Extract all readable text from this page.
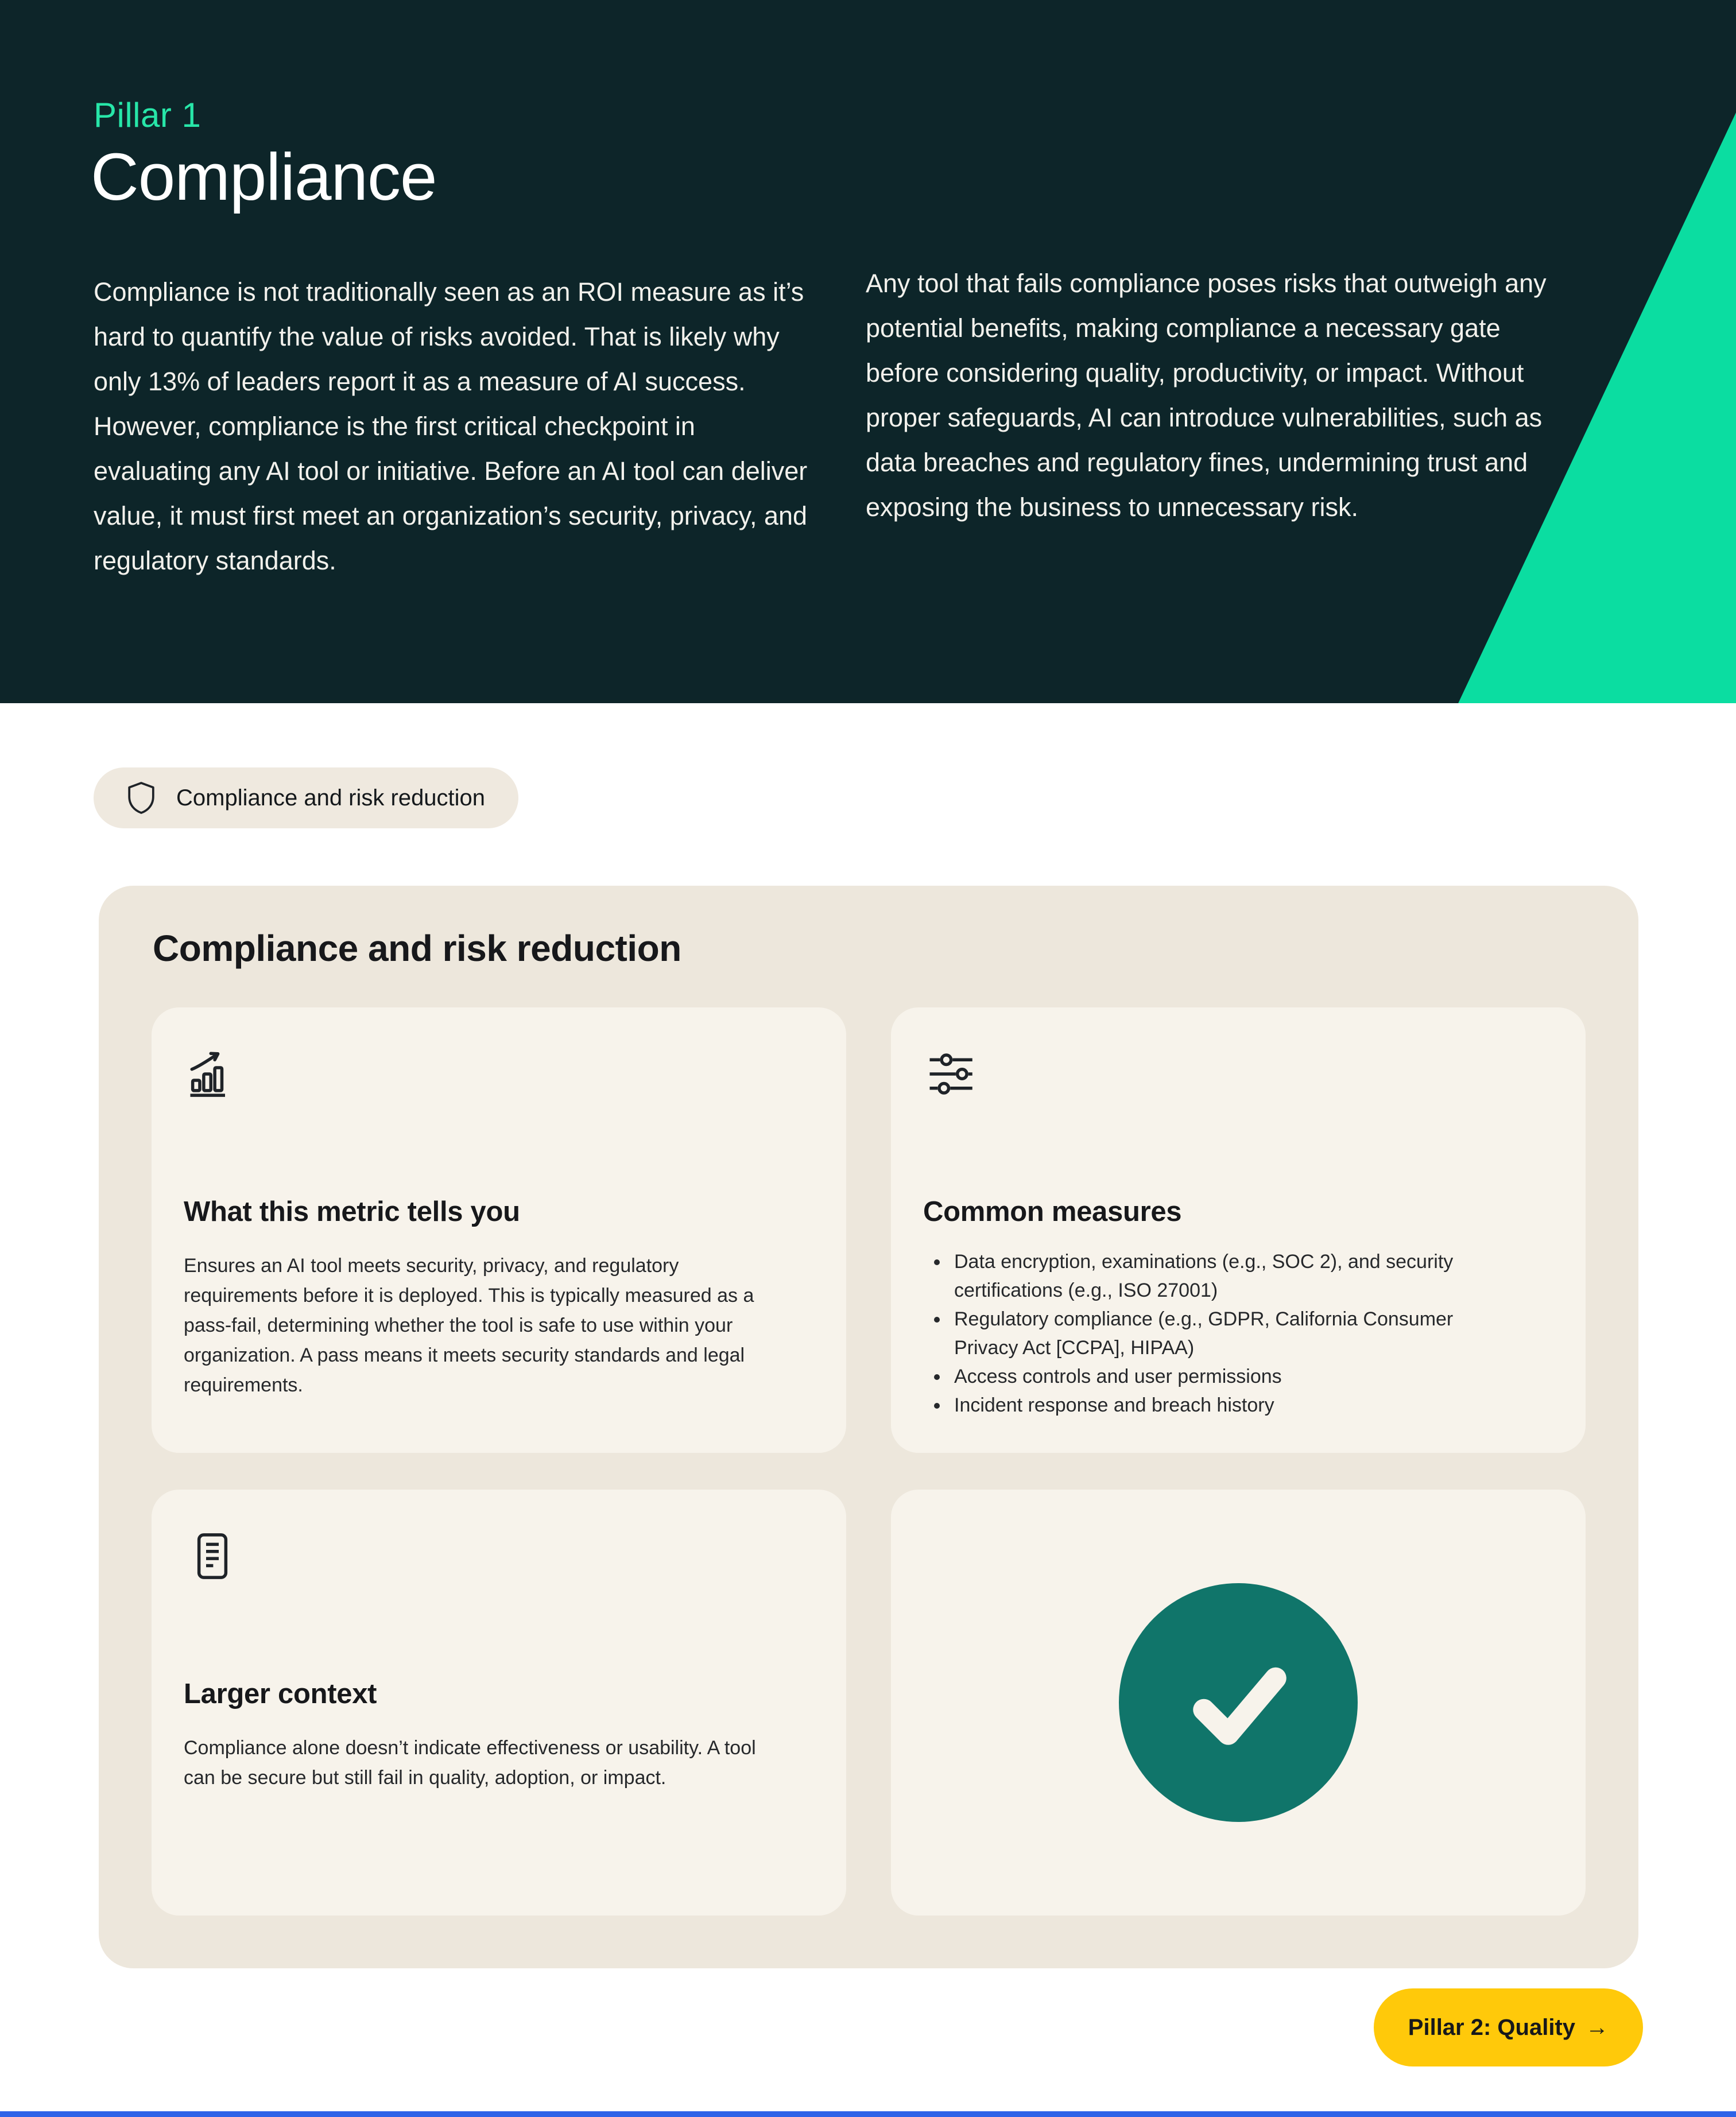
Pillar 1
Compliance

Compliance is not traditionally seen as an ROI measure as it’s hard to quantify the value of risks avoided. That is likely why only 13% of leaders report it as a measure of AI success. However, compliance is the first critical checkpoint in evaluating any AI tool or initiative. Before an AI tool can deliver value, it must first meet an organization’s security, privacy, and regulatory standards.

Any tool that fails compliance poses risks that outweigh any potential benefits, making compliance a necessary gate before considering quality, productivity, or impact. Without proper safeguards, AI can introduce vulnerabilities, such as data breaches and regulatory fines, undermining trust and exposing the business to unnecessary risk.

Compliance and risk reduction
Compliance and risk reduction
What this metric tells you

Ensures an AI tool meets security, privacy, and regulatory requirements before it is deployed. This is typically measured as a pass-fail, determining whether the tool is safe to use within your organization. A pass means it meets security standards and legal requirements.

Common measures
• Data encryption, examinations (e.g., SOC 2), and security certifications (e.g., ISO 27001)
• Regulatory compliance (e.g., GDPR, California Consumer Privacy Act [CCPA], HIPAA)
• Access controls and user permissions
• Incident response and breach history
Larger context

Compliance alone doesn’t indicate effectiveness or usability. A tool can be secure but still fail in quality, adoption, or impact.

Pillar 2: Quality →
